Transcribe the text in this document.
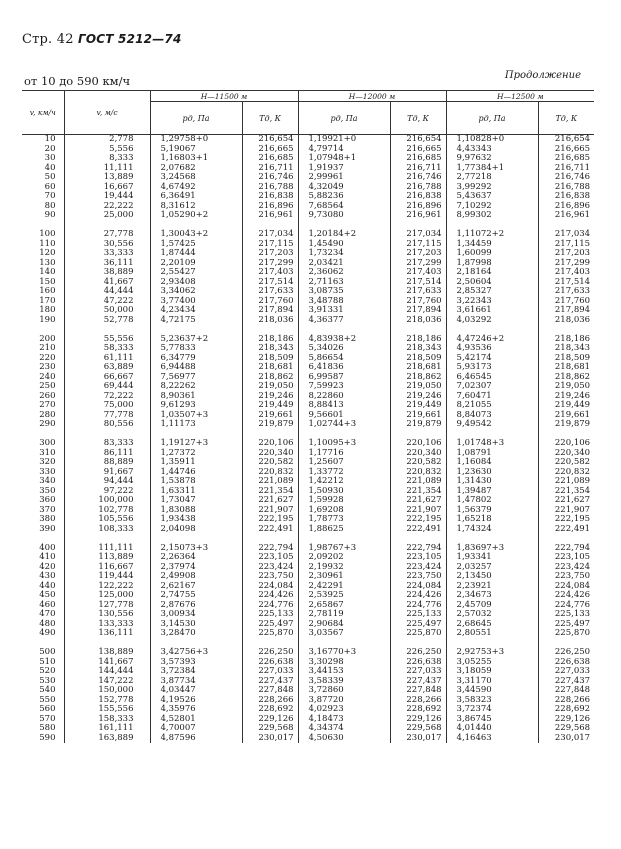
Стр. 42 ГОСТ 5212—74
Продолжение
от 10 до 590 км/ч
v, км/ч	v, м/с	H—11500 м		H—12000 м		H—12500 м	
		pд, Па	Tд, К	pд, Па	Tд, К	pд, Па	Tд, К
10	2,778	1,29758+0	216,654	1,19921+0	216,654	1,10828+0	216,654
20	5,556	5,19067	216,665	4,79714	216,665	4,43343	216,665
30	8,333	1,16803+1	216,685	1,07948+1	216,685	9,97632	216,685
40	11,111	2,07682	216,711	1,91937	216,711	1,77384+1	216,711
50	13,889	3,24568	216,746	2,99961	216,746	2,77218	216,746
60	16,667	4,67492	216,788	4,32049	216,788	3,99292	216,788
70	19,444	6,36491	216,838	5,88236	216,838	5,43637	216,838
80	22,222	8,31612	216,896	7,68564	216,896	7,10292	216,896
90	25,000	1,05290+2	216,961	9,73080	216,961	8,99302	216,961

100	27,778	1,30043+2	217,034	1,20184+2	217,034	1,11072+2	217,034
110	30,556	1,57425	217,115	1,45490	217,115	1,34459	217,115
120	33,333	1,87444	217,203	1,73234	217,203	1,60099	217,203
130	36,111	2,20109	217,299	2,03421	217,299	1,87998	217,299
140	38,889	2,55427	217,403	2,36062	217,403	2,18164	217,403
150	41,667	2,93408	217,514	2,71163	217,514	2,50604	217,514
160	44,444	3,34062	217,633	3,08735	217,633	2,85327	217,633
170	47,222	3,77400	217,760	3,48788	217,760	3,22343	217,760
180	50,000	4,23434	217,894	3,91331	217,894	3,61661	217,894
190	52,778	4,72175	218,036	4,36377	218,036	4,03292	218,036

200	55,556	5,23637+2	218,186	4,83938+2	218,186	4,47246+2	218,186
210	58,333	5,77833	218,343	5,34026	218,343	4,93536	218,343
220	61,111	6,34779	218,509	5,86654	218,509	5,42174	218,509
230	63,889	6,94488	218,681	6,41836	218,681	5,93173	218,681
240	66,667	7,56977	218,862	6,99587	218,862	6,46545	218,862
250	69,444	8,22262	219,050	7,59923	219,050	7,02307	219,050
260	72,222	8,90361	219,246	8,22860	219,246	7,60471	219,246
270	75,000	9,61293	219,449	8,88413	219,449	8,21055	219,449
280	77,778	1,03507+3	219,661	9,56601	219,661	8,84073	219,661
290	80,556	1,11173	219,879	1,02744+3	219,879	9,49542	219,879

300	83,333	1,19127+3	220,106	1,10095+3	220,106	1,01748+3	220,106
310	86,111	1,27372	220,340	1,17716	220,340	1,08791	220,340
320	88,889	1,35911	220,582	1,25607	220,582	1,16084	220,582
330	91,667	1,44746	220,832	1,33772	220,832	1,23630	220,832
340	94,444	1,53878	221,089	1,42212	221,089	1,31430	221,089
350	97,222	1,63311	221,354	1,50930	221,354	1,39487	221,354
360	100,000	1,73047	221,627	1,59928	221,627	1,47802	221,627
370	102,778	1,83088	221,907	1,69208	221,907	1,56379	221,907
380	105,556	1,93438	222,195	1,78773	222,195	1,65218	222,195
390	108,333	2,04098	222,491	1,88625	222,491	1,74324	222,491

400	111,111	2,15073+3	222,794	1,98767+3	222,794	1,83697+3	222,794
410	113,889	2,26364	223,105	2,09202	223,105	1,93341	223,105
420	116,667	2,37974	223,424	2,19932	223,424	2,03257	223,424
430	119,444	2,49908	223,750	2,30961	223,750	2,13450	223,750
440	122,222	2,62167	224,084	2,42291	224,084	2,23921	224,084
450	125,000	2,74755	224,426	2,53925	224,426	2,34673	224,426
460	127,778	2,87676	224,776	2,65867	224,776	2,45709	224,776
470	130,556	3,00934	225,133	2,78119	225,133	2,57032	225,133
480	133,333	3,14530	225,497	2,90684	225,497	2,68645	225,497
490	136,111	3,28470	225,870	3,03567	225,870	2,80551	225,870

500	138,889	3,42756+3	226,250	3,16770+3	226,250	2,92753+3	226,250
510	141,667	3,57393	226,638	3,30298	226,638	3,05255	226,638
520	144,444	3,72384	227,033	3,44153	227,033	3,18059	227,033
530	147,222	3,87734	227,437	3,58339	227,437	3,31170	227,437
540	150,000	4,03447	227,848	3,72860	227,848	3,44590	227,848
550	152,778	4,19526	228,266	3,87720	228,266	3,58323	228,266
560	155,556	4,35976	228,692	4,02923	228,692	3,72374	228,692
570	158,333	4,52801	229,126	4,18473	229,126	3,86745	229,126
580	161,111	4,70007	229,568	4,34374	229,568	4,01440	229,568
590	163,889	4,87596	230,017	4,50630	230,017	4,16463	230,017
